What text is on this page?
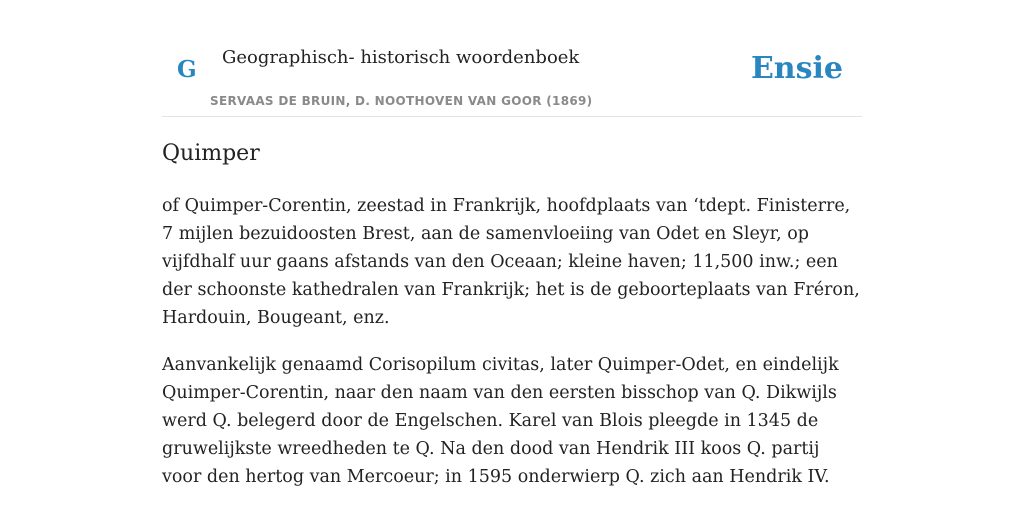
G Geographisch- historisch woordenboek
SERVAAS DE BRUIN, D. NOOTHOVEN VAN GOOR (1869)
Ensie
Quimper

of Quimper-Corentin, zeestad in Frankrijk, hoofdplaats van ‘tdept. Finisterre, 7 mijlen bezuidoosten Brest, aan de samenvloeiing van Odet en Sleyr, op vijfdhalf uur gaans afstands van den Oceaan; kleine haven; 11,500 inw.; een der schoonste kathedralen van Frankrijk; het is de geboorteplaats van Fréron, Hardouin, Bougeant, enz.

Aanvankelijk genaamd Corisopilum civitas, later Quimper-Odet, en eindelijk Quimper-Corentin, naar den naam van den eersten bisschop van Q. Dikwijls werd Q. belegerd door de Engelschen. Karel van Blois pleegde in 1345 de gruwelijkste wreedheden te Q. Na den dood van Hendrik III koos Q. partij voor den hertog van Mercoeur; in 1595 onderwierp Q. zich aan Hendrik IV.
